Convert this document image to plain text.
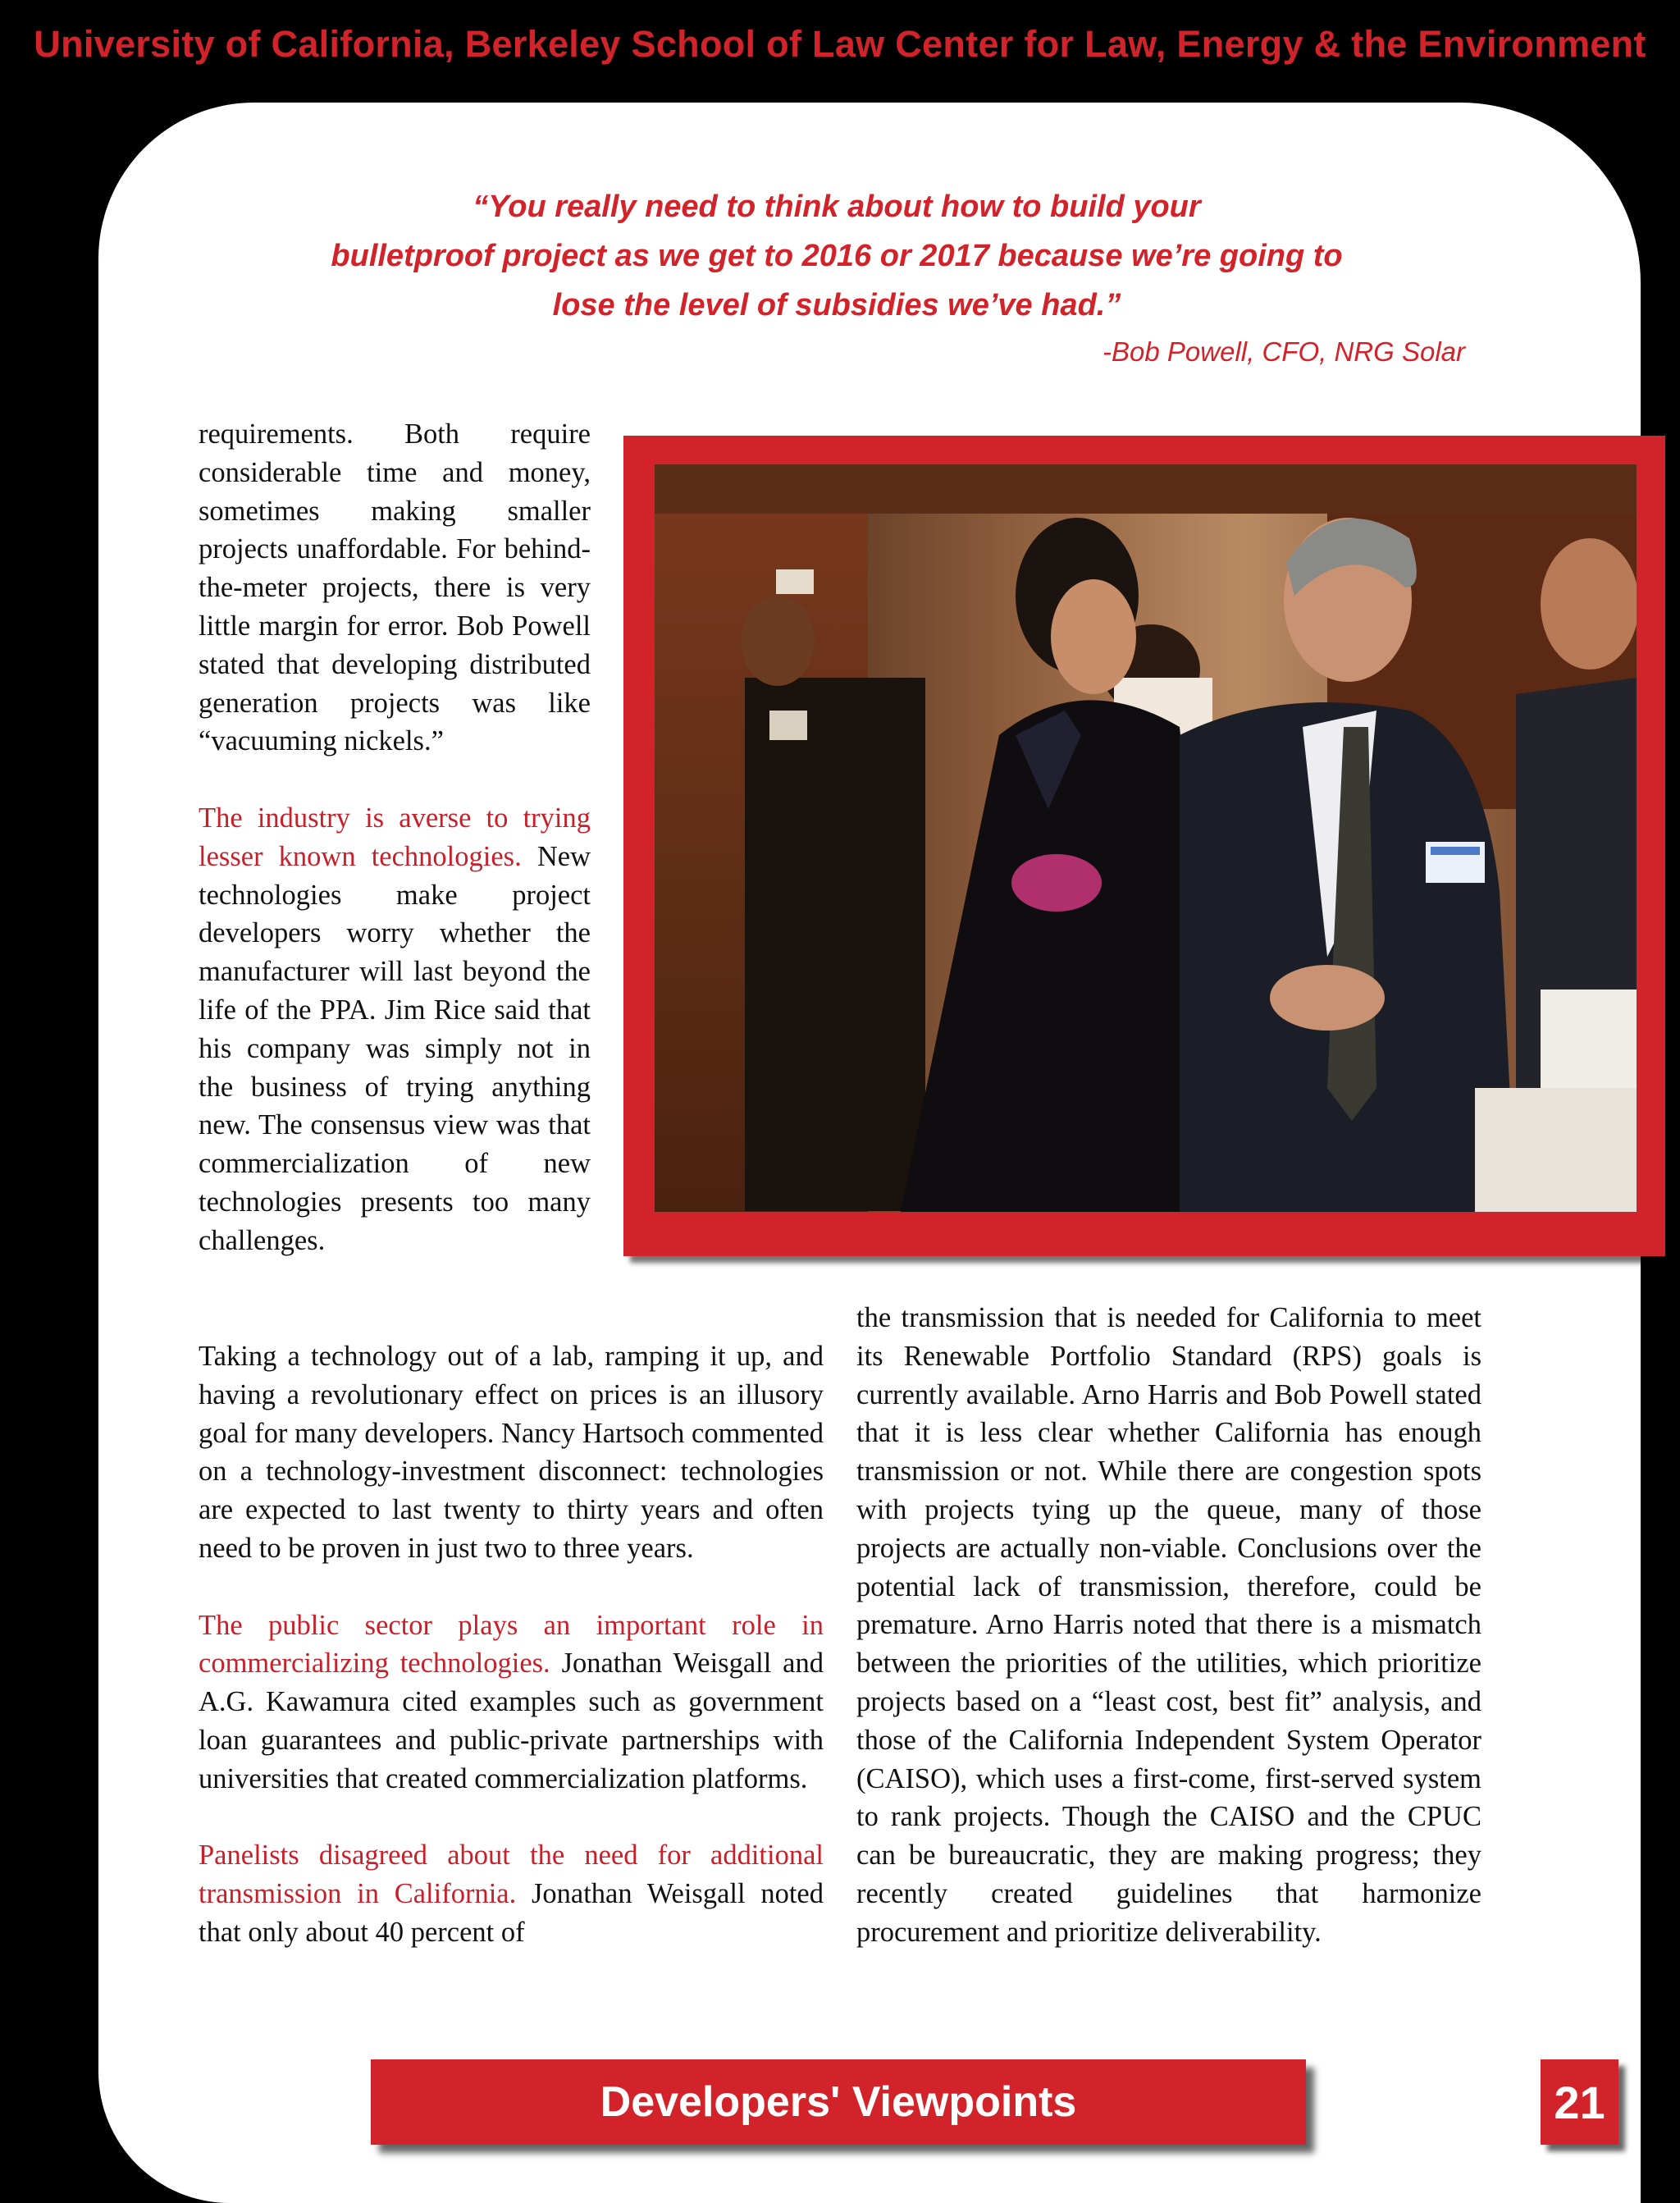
University of California, Berkeley School of Law Center for Law, Energy & the Environment
“You really need to think about how to build your
bulletproof project as we get to 2016 or 2017 because we’re going to
lose the level of subsidies we’ve had.”
-Bob Powell, CFO, NRG Solar

requirements. Both require considerable time and money, sometimes making smaller projects unaffordable. For behind-the-meter projects, there is very little margin for error. Bob Powell stated that developing distributed generation projects was like “vacuuming nickels.”

The industry is averse to trying lesser known technologies. New technologies make project developers worry whether the manufacturer will last beyond the life of the PPA. Jim Rice said that his company was simply not in the business of trying anything new. The consensus view was that commercialization of new technologies presents too many challenges.

Taking a technology out of a lab, ramping it up, and having a revolutionary effect on prices is an illusory goal for many developers. Nancy Hartsoch commented on a technology-investment disconnect: technologies are expected to last twenty to thirty years and often need to be proven in just two to three years.

The public sector plays an important role in commercializing technologies. Jonathan Weisgall and A.G. Kawamura cited examples such as government loan guarantees and public-private partnerships with universities that created commercialization platforms.

Panelists disagreed about the need for additional transmission in California. Jonathan Weisgall noted that only about 40 percent of

the transmission that is needed for California to meet its Renewable Portfolio Standard (RPS) goals is currently available. Arno Harris and Bob Powell stated that it is less clear whether California has enough transmission or not. While there are congestion spots with projects tying up the queue, many of those projects are actually non-viable. Conclusions over the potential lack of transmission, therefore, could be premature. Arno Harris noted that there is a mismatch between the priorities of the utilities, which prioritize projects based on a “least cost, best fit” analysis, and those of the California Independent System Operator (CAISO), which uses a first-come, first-served system to rank projects. Though the CAISO and the CPUC can be bureaucratic, they are making progress; they recently created guidelines that harmonize procurement and prioritize deliverability.

Developers' Viewpoints	21
